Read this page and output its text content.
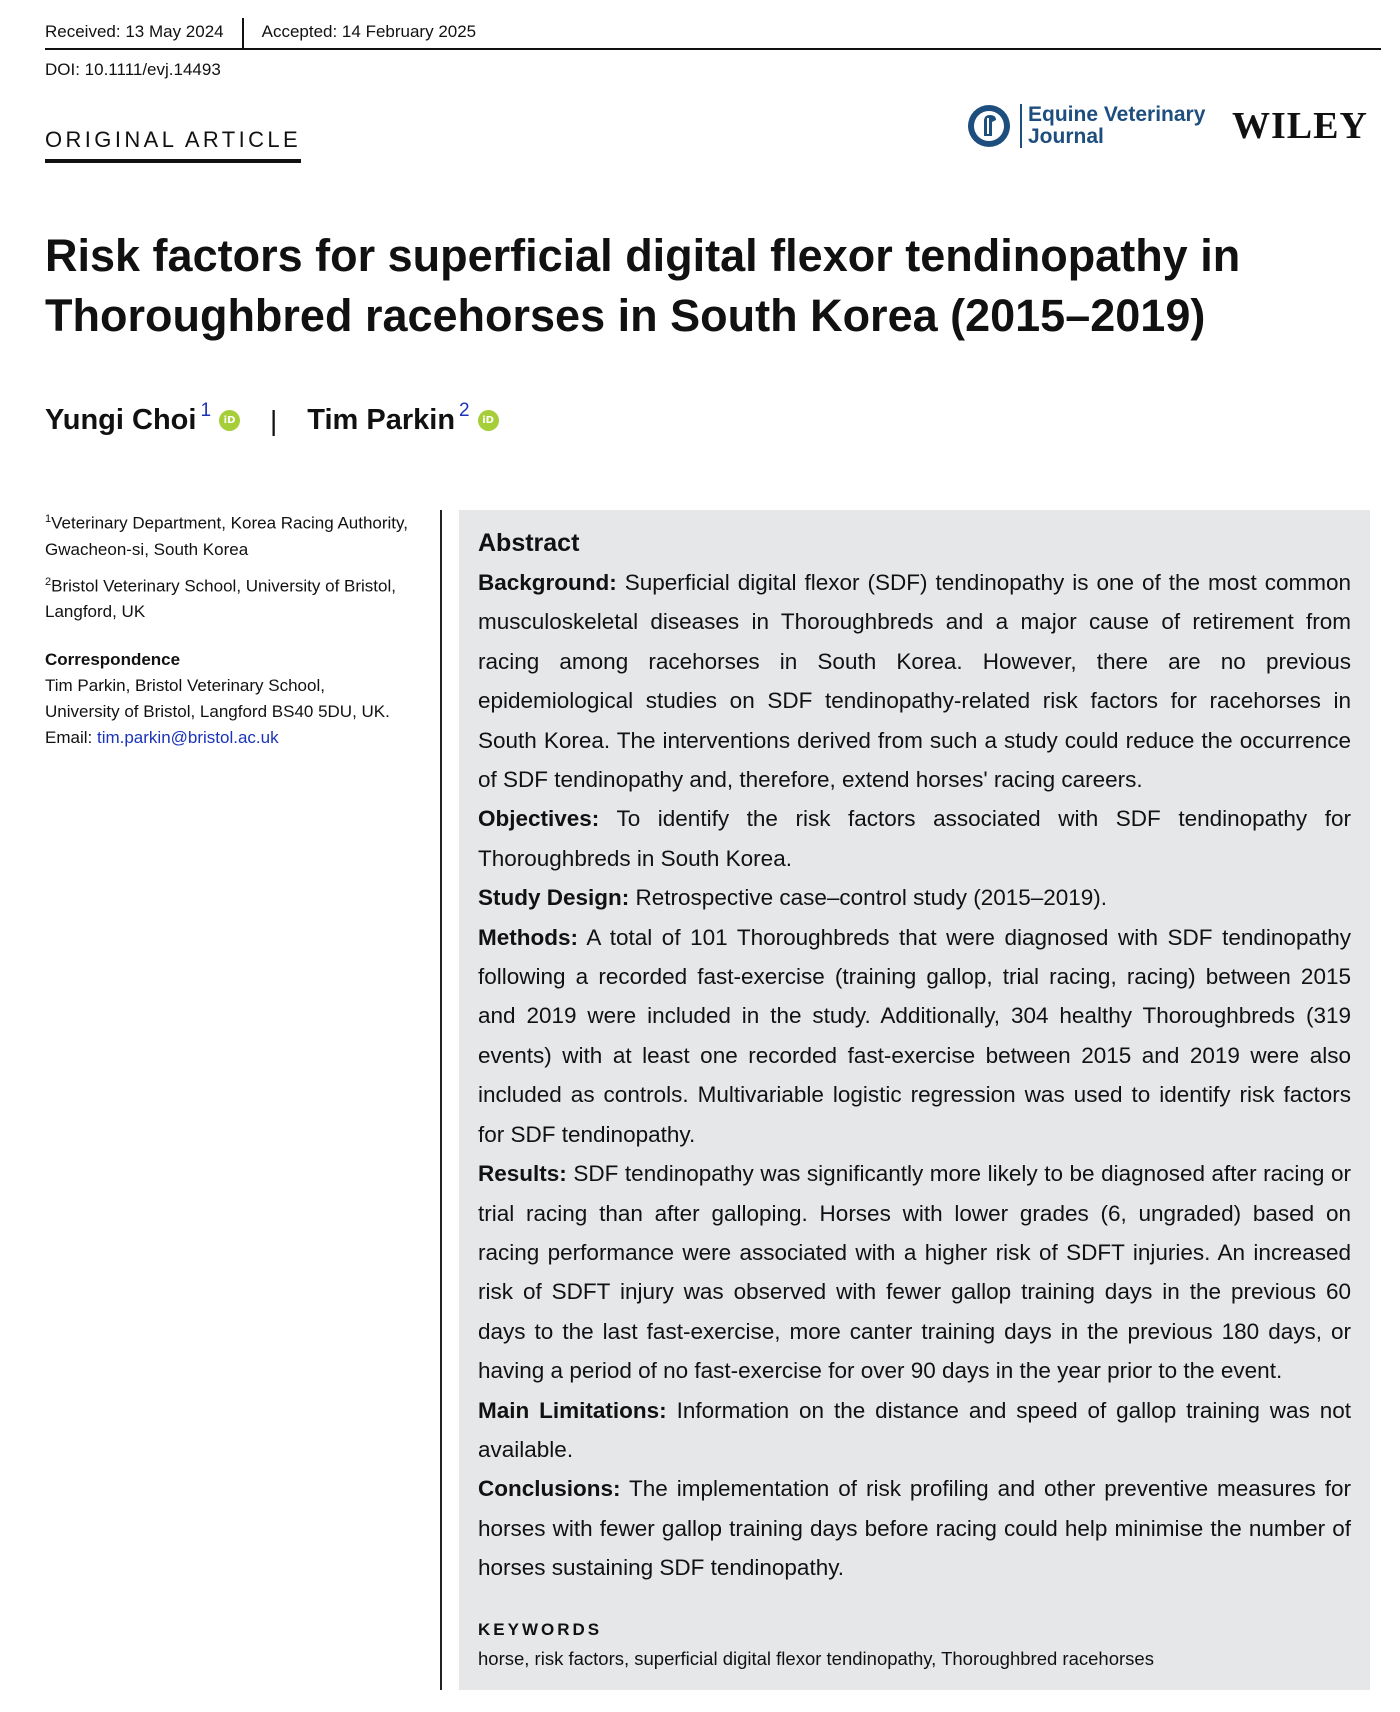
Received: 13 May 2024	Accepted: 14 February 2025
DOI: 10.1111/evj.14493
ORIGINAL ARTICLE
Equine Veterinary
Journal	WILEY
Risk factors for superficial digital flexor tendinopathy in Thoroughbred racehorses in South Korea (2015–2019)
Yungi Choi$^1$	iD | Tim Parkin$^2$	iD
$^1$Veterinary Department, Korea Racing Authority, Gwacheon-si, South Korea
$^2$Bristol Veterinary School, University of Bristol, Langford, UK
Correspondence
Tim Parkin, Bristol Veterinary School,
University of Bristol, Langford BS40 5DU, UK.
Email: tim.parkin@bristol.ac.uk
Abstract

Background: Superficial digital flexor (SDF) tendinopathy is one of the most common musculoskeletal diseases in Thoroughbreds and a major cause of retirement from racing among racehorses in South Korea. However, there are no previous epidemiological studies on SDF tendinopathy-related risk factors for racehorses in South Korea. The interventions derived from such a study could reduce the occurrence of SDF tendinopathy and, therefore, extend horses' racing careers.

Objectives: To identify the risk factors associated with SDF tendinopathy for Thoroughbreds in South Korea.

Study Design: Retrospective case–control study (2015–2019).

Methods: A total of 101 Thoroughbreds that were diagnosed with SDF tendinopathy following a recorded fast-exercise (training gallop, trial racing, racing) between 2015 and 2019 were included in the study. Additionally, 304 healthy Thoroughbreds (319 events) with at least one recorded fast-exercise between 2015 and 2019 were also included as controls. Multivariable logistic regression was used to identify risk factors for SDF tendinopathy.

Results: SDF tendinopathy was significantly more likely to be diagnosed after racing or trial racing than after galloping. Horses with lower grades (6, ungraded) based on racing performance were associated with a higher risk of SDFT injuries. An increased risk of SDFT injury was observed with fewer gallop training days in the previous 60 days to the last fast-exercise, more canter training days in the previous 180 days, or having a period of no fast-exercise for over 90 days in the year prior to the event.

Main Limitations: Information on the distance and speed of gallop training was not available.

Conclusions: The implementation of risk profiling and other preventive measures for horses with fewer gallop training days before racing could help minimise the number of horses sustaining SDF tendinopathy.

KEYWORDS
horse, risk factors, superficial digital flexor tendinopathy, Thoroughbred racehorses
